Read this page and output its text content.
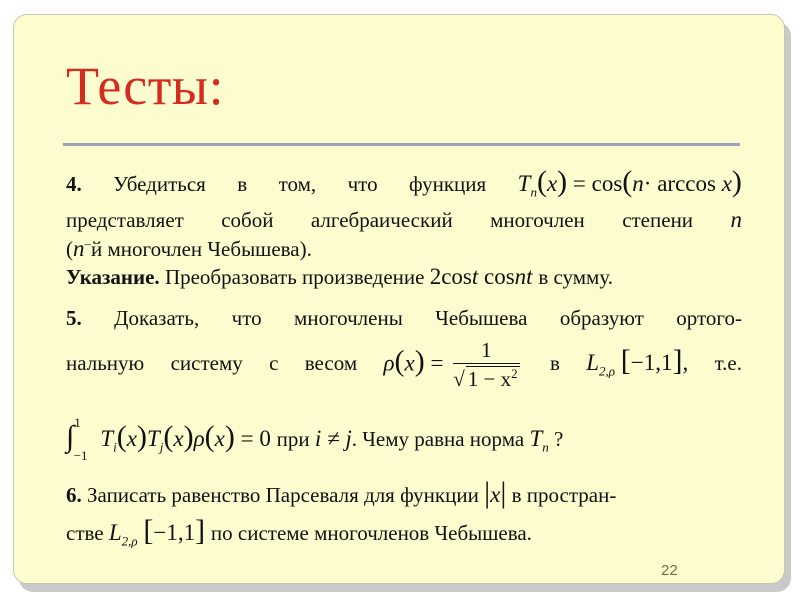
Тесты:
4. Убедиться в том, что функция $T_n(x) = \cos(n\cdot \arccos x)$
представляет собой алгебраический многочлен степени n
(n–й многочлен Чебышева).
Указание. Преобразовать произведение 2cost cosnt в сумму.
5. Доказать, что многочлены Чебышева образуют ортого-
нальную систему с весом $\rho(x) = \frac{1}{√ 1 - x^2}$ в $L_{2,\rho}$ [−1,1], т.е.
∫$^1_{-1}$ $T_i(x)T_j(x)\rho(x) = 0$ при i ≠ j. Чему равна норма $T_n$ ?
6. Записать равенство Парсеваля для функции |x| в простран-
стве $L_{2,\rho}$ [−1,1] по системе многочленов Чебышева.
22
